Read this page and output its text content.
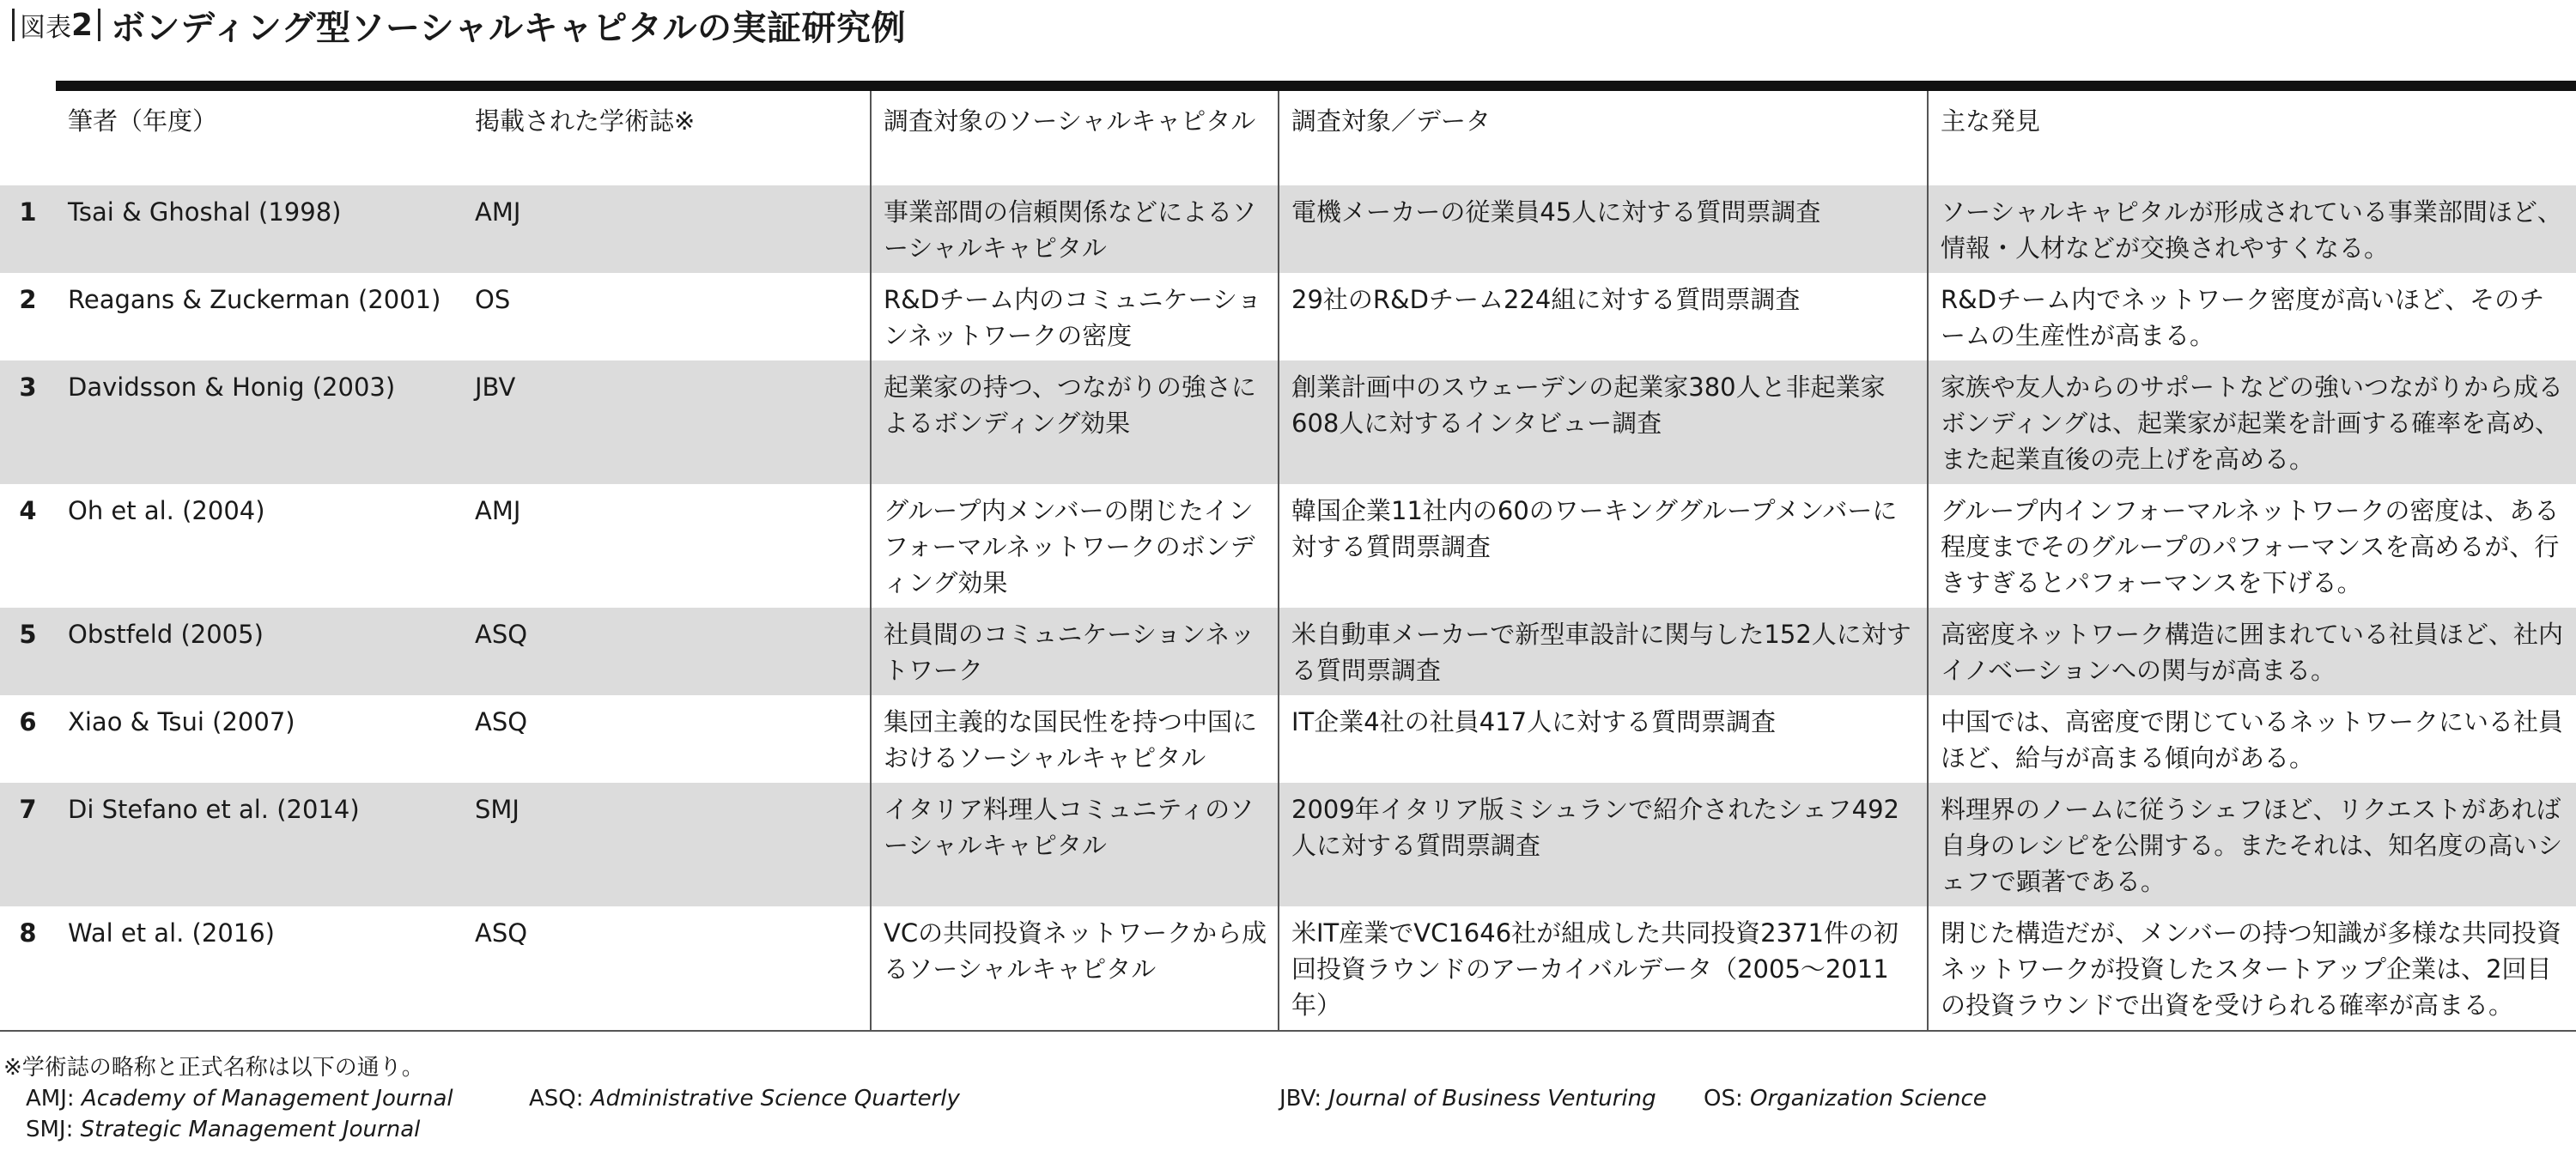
図表 2 ボンディング型ソーシャルキャピタルの実証研究例
	筆者（年度）	掲載された学術誌※	調査対象のソーシャルキャピタル	調査対象／データ	主な発見
1	Tsai & Ghoshal (1998)	AMJ	事業部間の信頼関係などによるソーシャルキャピタル	電機メーカーの従業員45人に対する質問票調査	ソーシャルキャピタルが形成されている事業部間ほど、情報・人材などが交換されやすくなる。
2	Reagans & Zuckerman (2001)	OS	R&Dチーム内のコミュニケーションネットワークの密度	29社のR&Dチーム224組に対する質問票調査	R&Dチーム内でネットワーク密度が高いほど、そのチームの生産性が高まる。
3	Davidsson & Honig (2003)	JBV	起業家の持つ、つながりの強さによるボンディング効果	創業計画中のスウェーデンの起業家380人と非起業家608人に対するインタビュー調査	家族や友人からのサポートなどの強いつながりから成るボンディングは、起業家が起業を計画する確率を高め、また起業直後の売上げを高める。
4	Oh et al. (2004)	AMJ	グループ内メンバーの閉じたインフォーマルネットワークのボンディング効果	韓国企業11社内の60のワーキンググループメンバーに対する質問票調査	グループ内インフォーマルネットワークの密度は、ある程度までそのグループのパフォーマンスを高めるが、行きすぎるとパフォーマンスを下げる。
5	Obstfeld (2005)	ASQ	社員間のコミュニケーションネットワーク	米自動車メーカーで新型車設計に関与した152人に対する質問票調査	高密度ネットワーク構造に囲まれている社員ほど、社内イノベーションへの関与が高まる。
6	Xiao & Tsui (2007)	ASQ	集団主義的な国民性を持つ中国におけるソーシャルキャピタル	IT企業4社の社員417人に対する質問票調査	中国では、高密度で閉じているネットワークにいる社員ほど、給与が高まる傾向がある。
7	Di Stefano et al. (2014)	SMJ	イタリア料理人コミュニティのソーシャルキャピタル	2009年イタリア版ミシュランで紹介されたシェフ492人に対する質問票調査	料理界のノームに従うシェフほど、リクエストがあれば自身のレシピを公開する。またそれは、知名度の高いシェフで顕著である。
8	Wal et al. (2016)	ASQ	VCの共同投資ネットワークから成るソーシャルキャピタル	米IT産業でVC1646社が組成した共同投資2371件の初回投資ラウンドのアーカイバルデータ（2005〜2011年）	閉じた構造だが、メンバーの持つ知識が多様な共同投資ネットワークが投資したスタートアップ企業は、2回目の投資ラウンドで出資を受けられる確率が高まる。
※学術誌の略称と正式名称は以下の通り。
AMJ: Academy of Management Journal	ASQ: Administrative Science Quarterly	JBV: Journal of Business Venturing OS: Organization Science
SMJ: Strategic Management Journal
